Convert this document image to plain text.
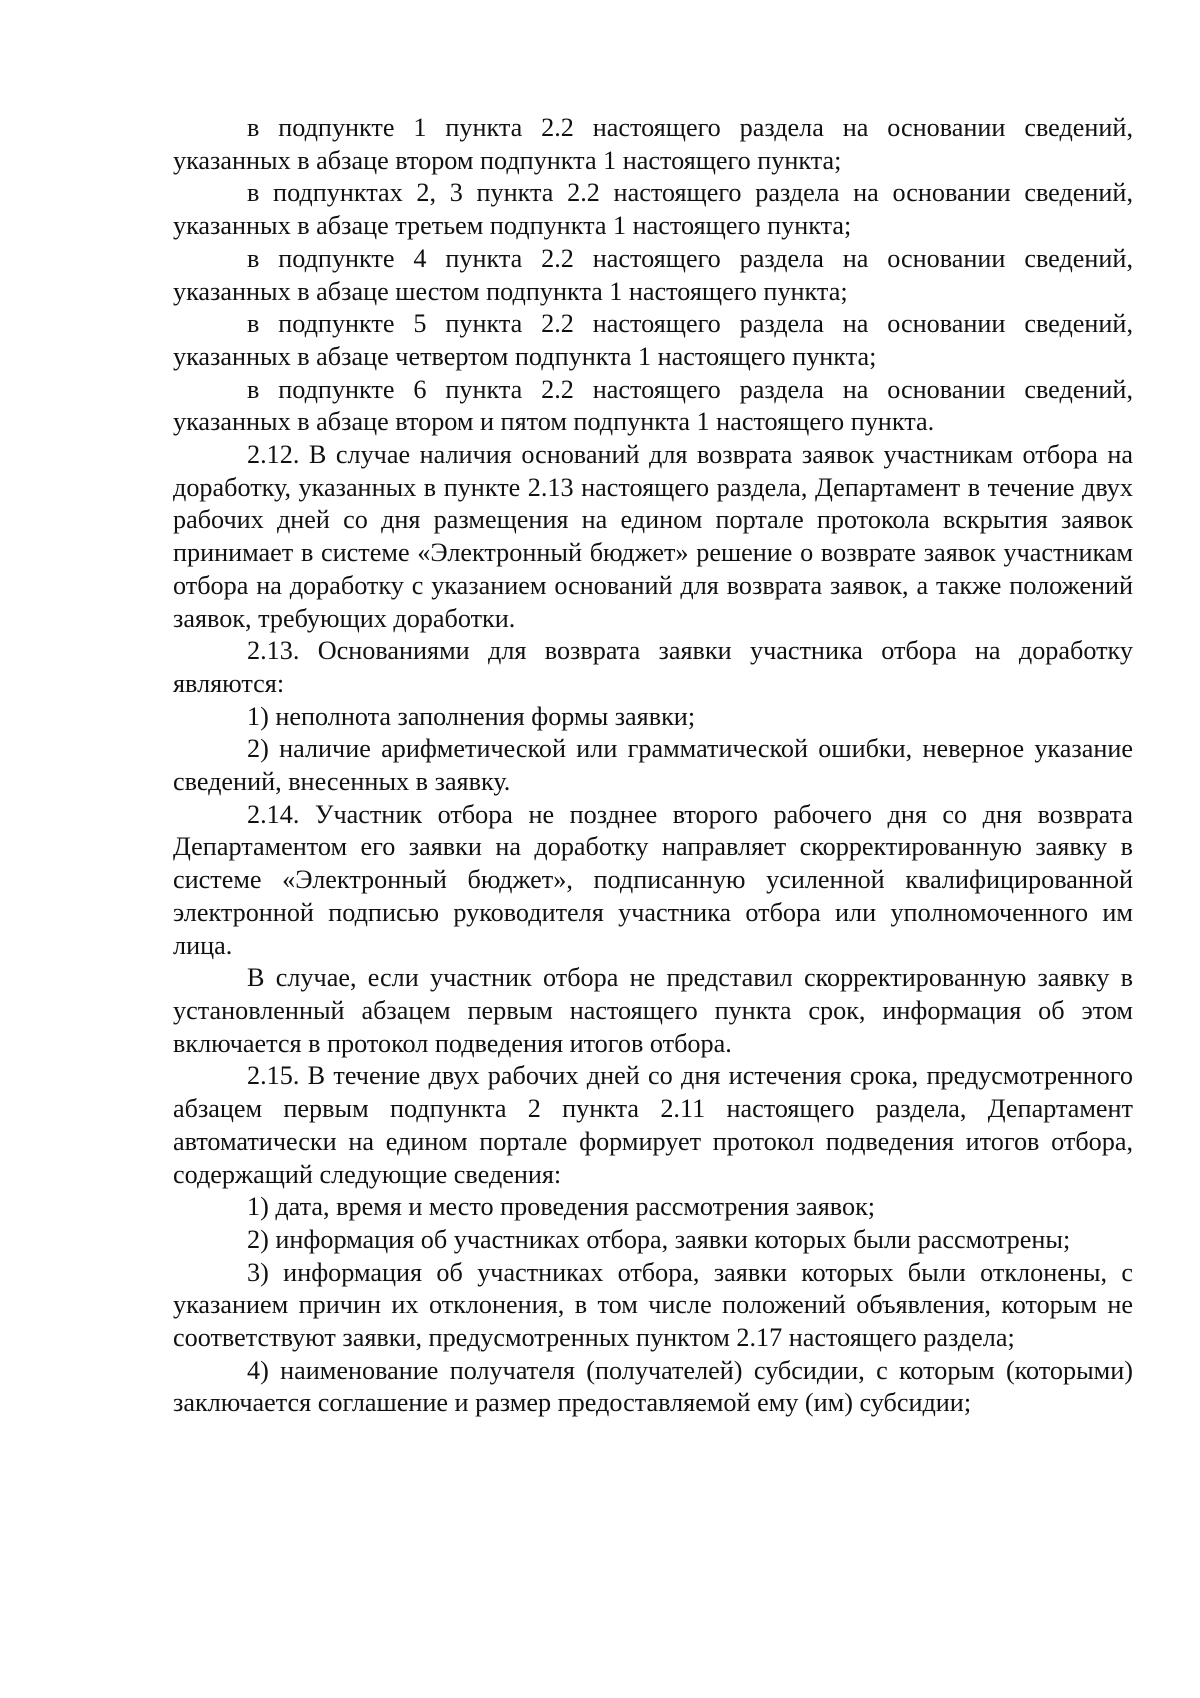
в подпункте 1 пункта 2.2 настоящего раздела на основании сведений, указанных в абзаце втором подпункта 1 настоящего пункта;

в подпунктах 2, 3 пункта 2.2 настоящего раздела на основании сведений, указанных в абзаце третьем подпункта 1 настоящего пункта;

в подпункте 4 пункта 2.2 настоящего раздела на основании сведений, указанных в абзаце шестом подпункта 1 настоящего пункта;

в подпункте 5 пункта 2.2 настоящего раздела на основании сведений, указанных в абзаце четвертом подпункта 1 настоящего пункта;

в подпункте 6 пункта 2.2 настоящего раздела на основании сведений, указанных в абзаце втором и пятом подпункта 1 настоящего пункта.

2.12. В случае наличия оснований для возврата заявок участникам отбора на доработку, указанных в пункте 2.13 настоящего раздела, Департамент в течение двух рабочих дней со дня размещения на едином портале протокола вскрытия заявок принимает в системе «Электронный бюджет» решение о возврате заявок участникам отбора на доработку с указанием оснований для возврата заявок, а также положений заявок, требующих доработки.

2.13. Основаниями для возврата заявки участника отбора на доработку являются:

1) неполнота заполнения формы заявки;

2) наличие арифметической или грамматической ошибки, неверное указание сведений, внесенных в заявку.

2.14. Участник отбора не позднее второго рабочего дня со дня возврата Департаментом его заявки на доработку направляет скорректированную заявку в системе «Электронный бюджет», подписанную усиленной квалифицированной электронной подписью руководителя участника отбора или уполномоченного им лица.

В случае, если участник отбора не представил скорректированную заявку в установленный абзацем первым настоящего пункта срок, информация об этом включается в протокол подведения итогов отбора.

2.15. В течение двух рабочих дней со дня истечения срока, предусмотренного абзацем первым подпункта 2 пункта 2.11 настоящего раздела, Департамент автоматически на едином портале формирует протокол подведения итогов отбора, содержащий следующие сведения:

1) дата, время и место проведения рассмотрения заявок;

2) информация об участниках отбора, заявки которых были рассмотрены;

3) информация об участниках отбора, заявки которых были отклонены, с указанием причин их отклонения, в том числе положений объявления, которым не соответствуют заявки, предусмотренных пунктом 2.17 настоящего раздела;

4) наименование получателя (получателей) субсидии, с которым (которыми) заключается соглашение и размер предоставляемой ему (им) субсидии;
